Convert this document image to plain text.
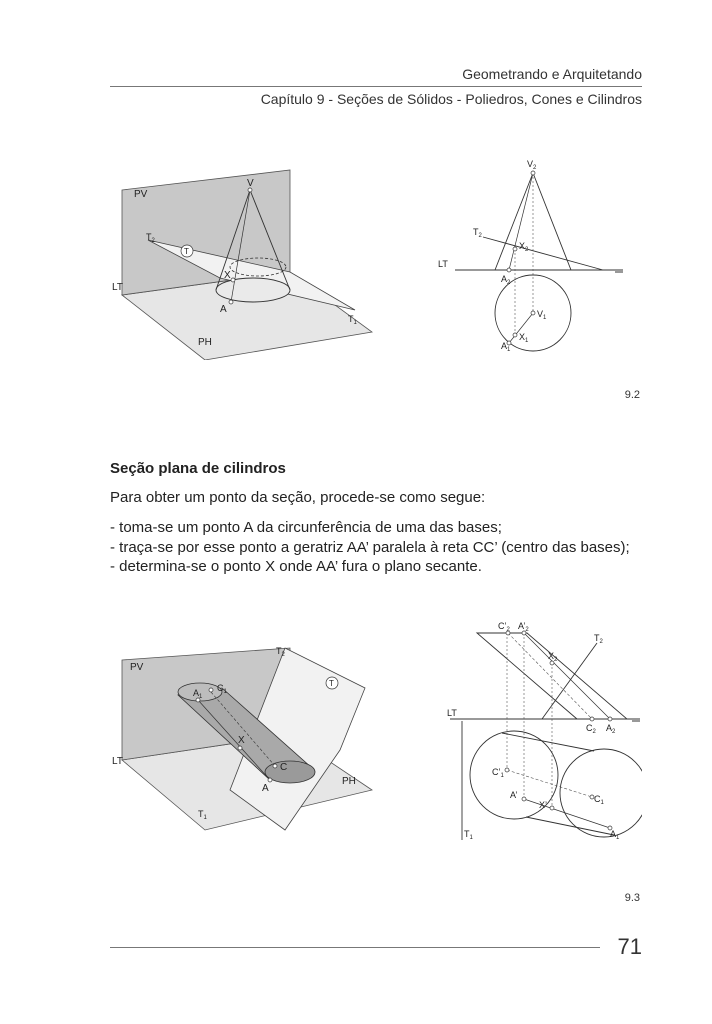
Geometrando e Arquitetando
Capítulo 9 - Seções de Sólidos - Poliedros, Cones e Cilindros
PV
V
$T_2$
T
X
LT
A
$T_1$
PH
$V_2$
$T_2$
$X_2$
LT
$A_2$
$V_1$
$X_1$
$A_1$
9.2
Seção plana de cilindros
Para obter um ponto da seção, procede-se como segue:
- toma-se um ponto A da circunferência de uma das bases;
- traça-se por esse ponto a geratriz AA’ paralela à reta CC’ (centro das bases);
- determina-se o ponto X onde AA’ fura o plano secante.
PV
$T_2$
T
$A_1$
$C_1$
X
LT
C
A
PH
$T_1$
$C’_2$ $A’_2$
$T_2$
$X_2$
LT
$C_2$ $A_2$
$C’_1$
A’
X’
$C_1$
$T_1$	$A_1$
9.3
71
